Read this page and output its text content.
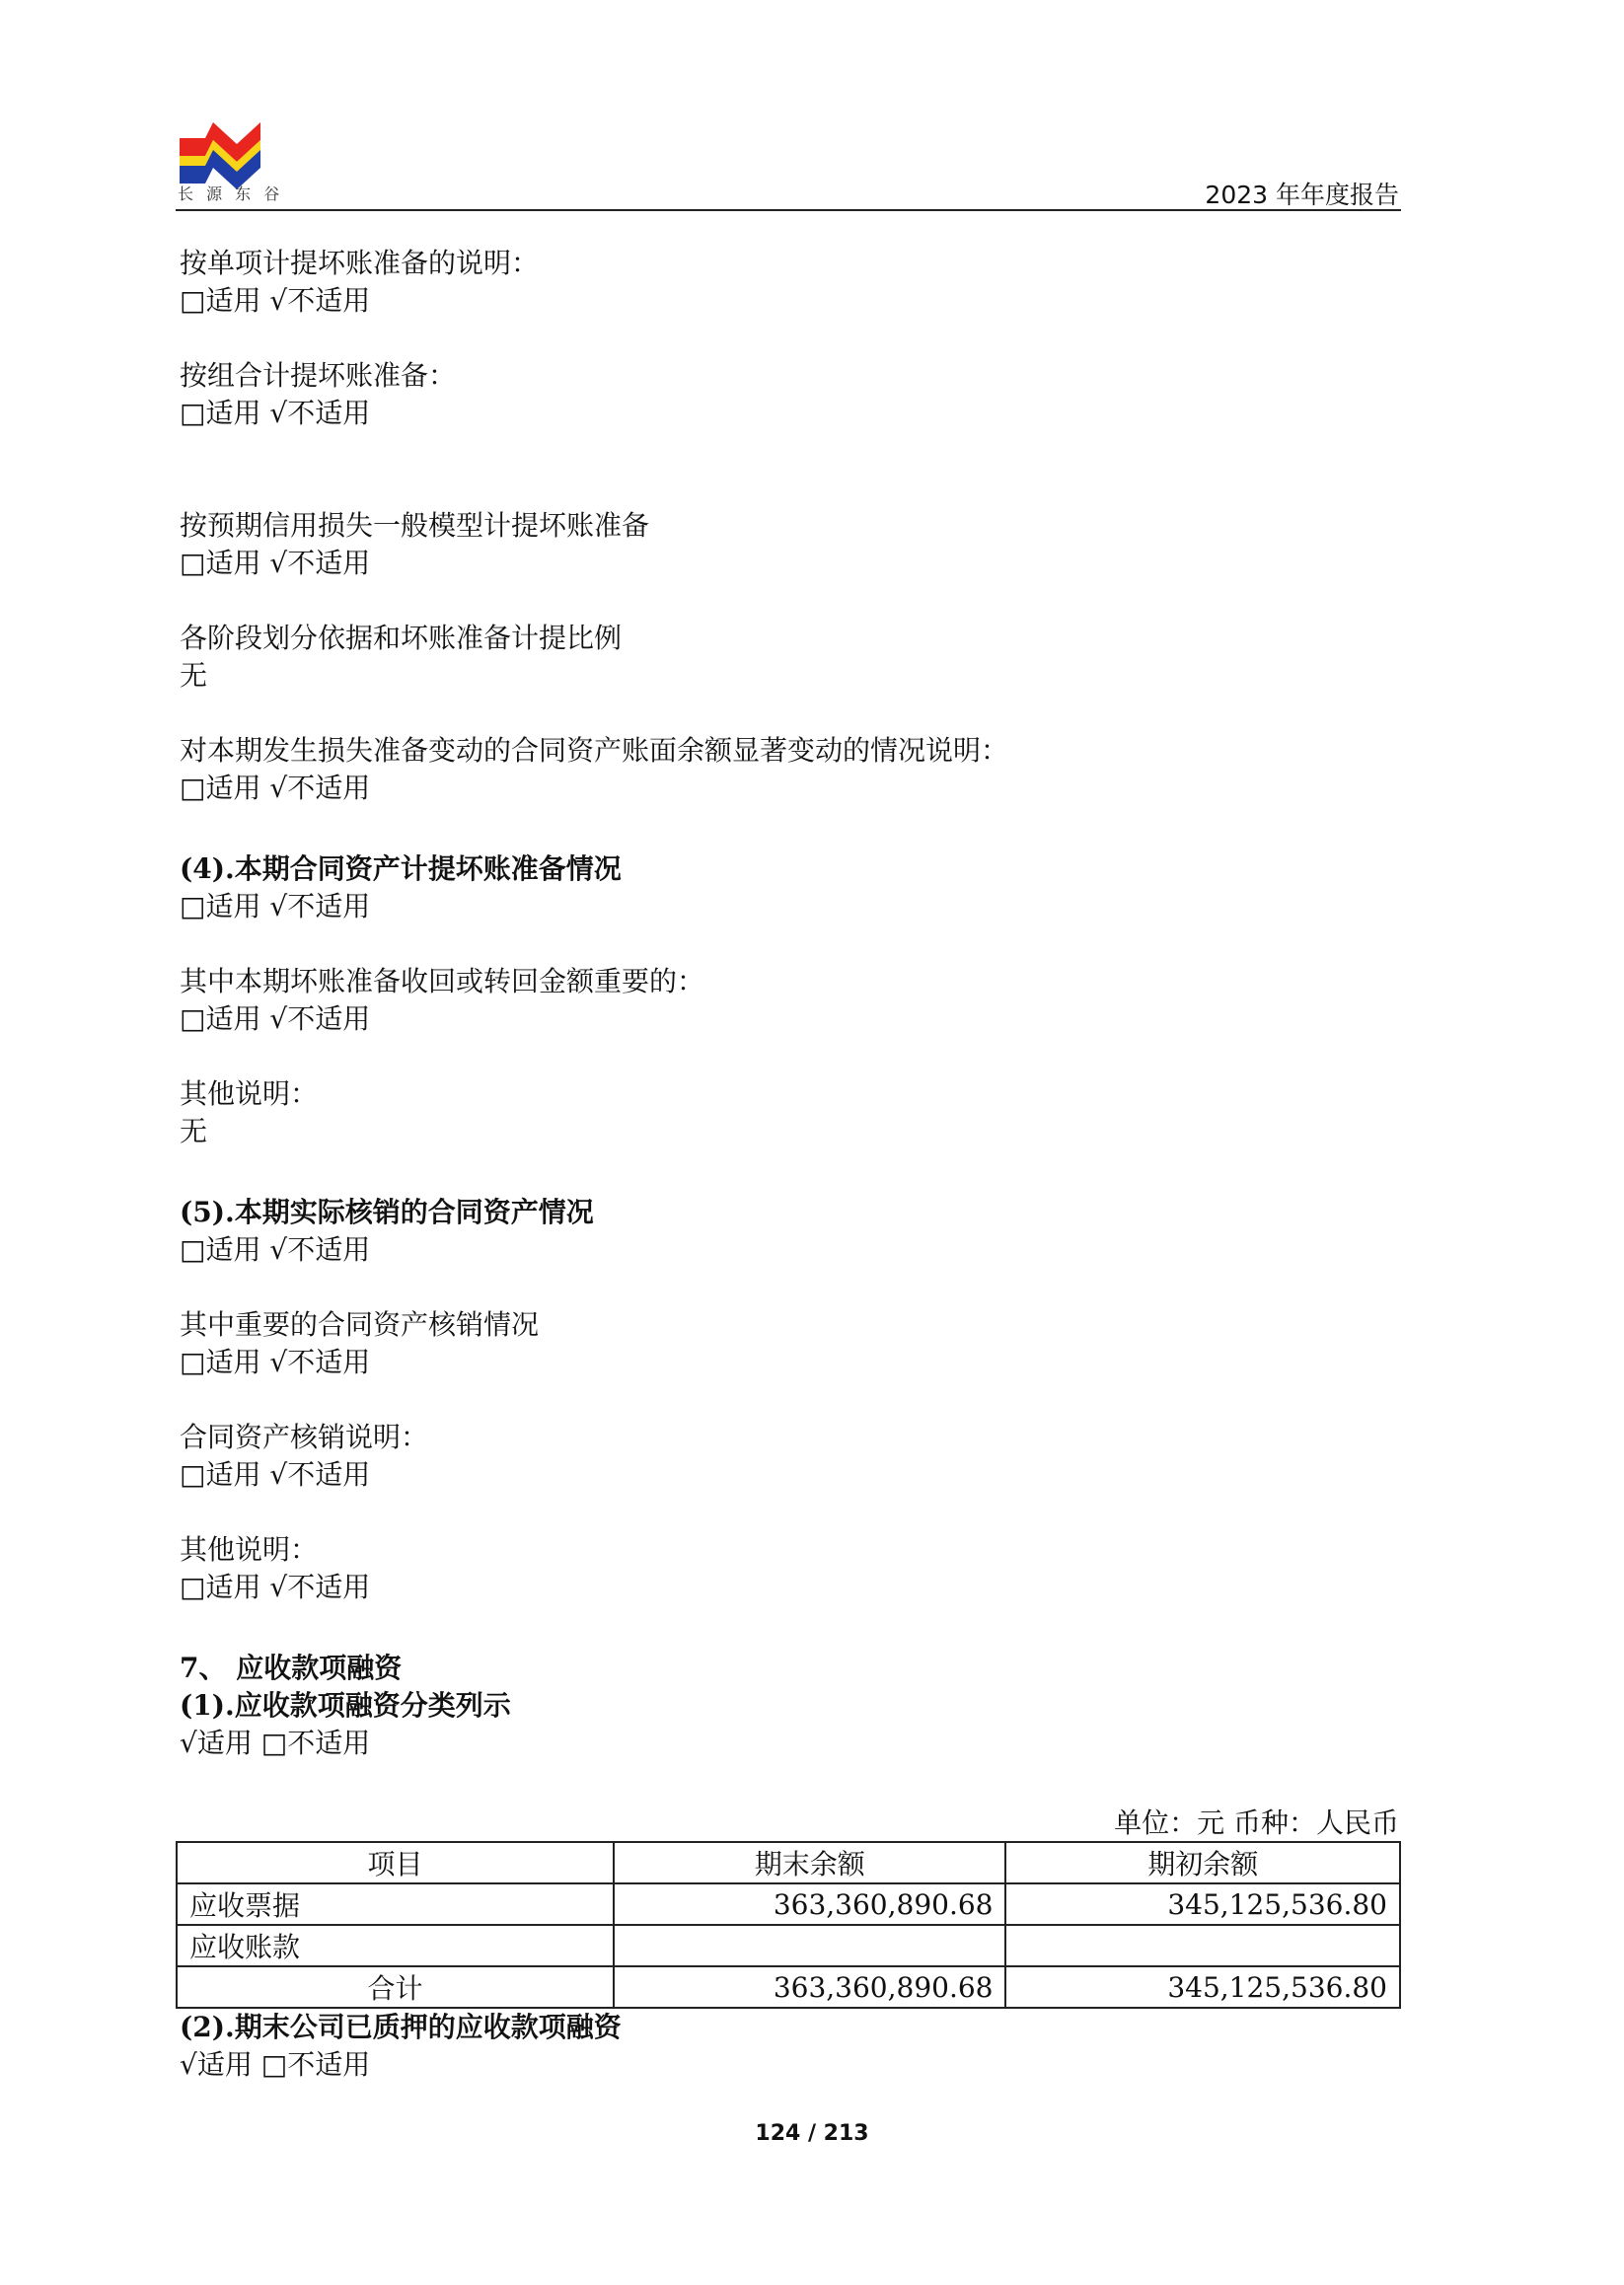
长 源 东 谷	2023 年年度报告
按单项计提坏账准备的说明：
□适用 √不适用
按组合计提坏账准备：
□适用 √不适用
按预期信用损失一般模型计提坏账准备
□适用 √不适用
各阶段划分依据和坏账准备计提比例
无
对本期发生损失准备变动的合同资产账面余额显著变动的情况说明：
□适用 √不适用
(4).本期合同资产计提坏账准备情况
□适用 √不适用
其中本期坏账准备收回或转回金额重要的：
□适用 √不适用
其他说明：
无
(5).本期实际核销的合同资产情况
□适用 √不适用
其中重要的合同资产核销情况
□适用 √不适用
合同资产核销说明：
□适用 √不适用
其他说明：
□适用 √不适用
7、 应收款项融资
(1).应收款项融资分类列示
√适用 □不适用
单位：元 币种：人民币
项目	期末余额	期初余额
应收票据	363,360,890.68	345,125,536.80
应收账款		
合计	363,360,890.68	345,125,536.80
(2).期末公司已质押的应收款项融资
√适用 □不适用
124 / 213
